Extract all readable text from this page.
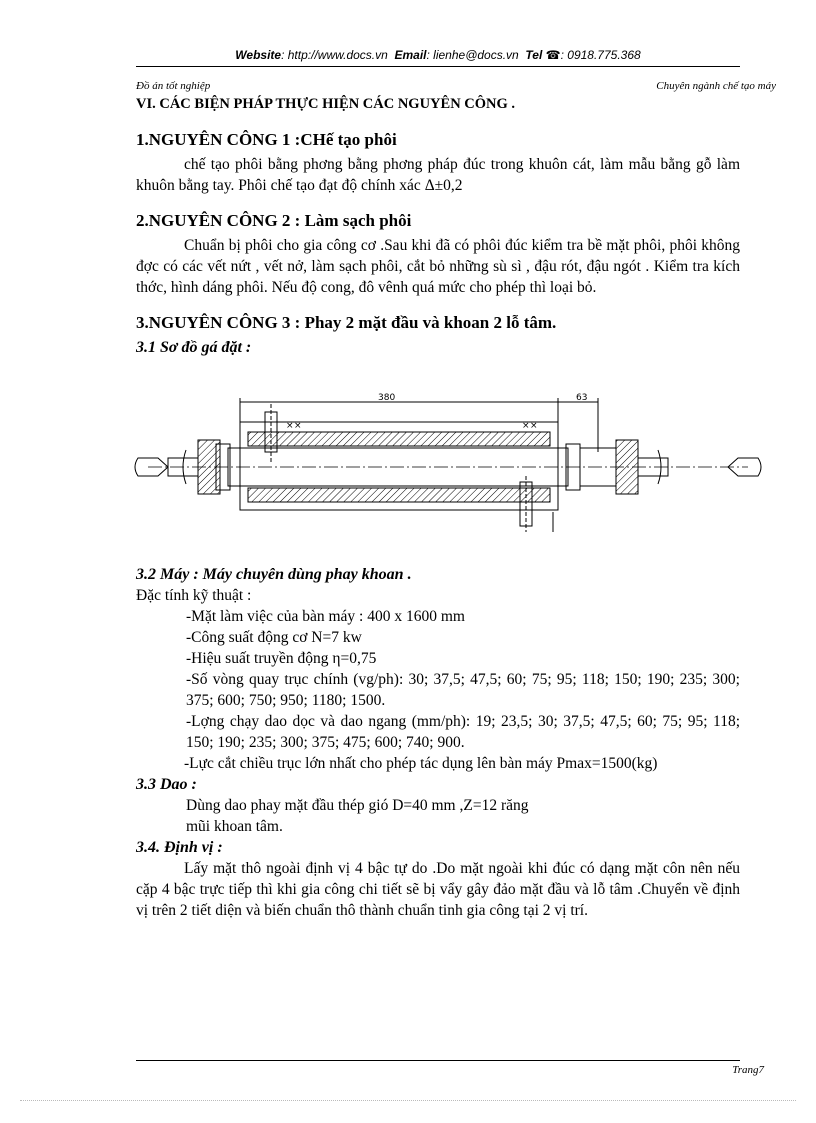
Website: http://www.docs.vn Email: lienhe@docs.vn Tel ☎: 0918.775.368
Đồ án tốt nghiệp	Chuyên ngành chế tạo máy
VI. CÁC BIỆN PHÁP THỰC HIỆN CÁC NGUYÊN CÔNG .
1.NGUYÊN CÔNG 1 :CHế tạo phôi

chế tạo phôi bằng phơng bằng phơng pháp đúc trong khuôn cát, làm mẫu bằng gỗ làm khuôn bằng tay. Phôi chế tạo đạt độ chính xác Δ±0,2

2.NGUYÊN CÔNG 2 : Làm sạch phôi

Chuẩn bị phôi cho gia công cơ .Sau khi đã có phôi đúc kiểm tra bề mặt phôi, phôi không đợc có các vết nứt , vết nở, làm sạch phôi, cắt bỏ những sù sì , đậu rót, đậu ngót . Kiểm tra kích thớc, hình dáng phôi. Nếu độ cong, đô vênh quá mức cho phép thì loại bỏ.

3.NGUYÊN CÔNG 3 : Phay 2 mặt đầu và khoan 2 lỗ tâm.
3.1 Sơ đồ gá đặt :
380	63
× ×	× ×
3.2 Máy : Máy chuyên dùng phay khoan .

Đặc tính kỹ thuật :

-Mặt làm việc của bàn máy : 400 x 1600 mm

-Công suất động cơ N=7 kw

-Hiệu suất truyền động η=0,75

-Số vòng quay trục chính (vg/ph): 30; 37,5; 47,5; 60; 75; 95; 118; 150; 190; 235; 300; 375; 600; 750; 950; 1180; 1500.

-Lợng chạy dao dọc và dao ngang (mm/ph): 19; 23,5; 30; 37,5; 47,5; 60; 75; 95; 118; 150; 190; 235; 300; 375; 475; 600; 740; 900.

-Lực cắt chiều trục lớn nhất cho phép tác dụng lên bàn máy Pmax=1500(kg)

3.3 Dao :

Dùng dao phay mặt đầu thép gió D=40 mm ,Z=12 răng

mũi khoan tâm.

3.4. Định vị :

Lấy mặt thô ngoài định vị 4 bậc tự do .Do mặt ngoài khi đúc có dạng mặt côn nên nếu cặp 4 bậc trực tiếp thì khi gia công chi tiết sẽ bị vẩy gây đảo mặt đầu và lỗ tâm .Chuyển về định vị trên 2 tiết diện và biến chuẩn thô thành chuẩn tinh gia công tại 2 vị trí.

Trang7
